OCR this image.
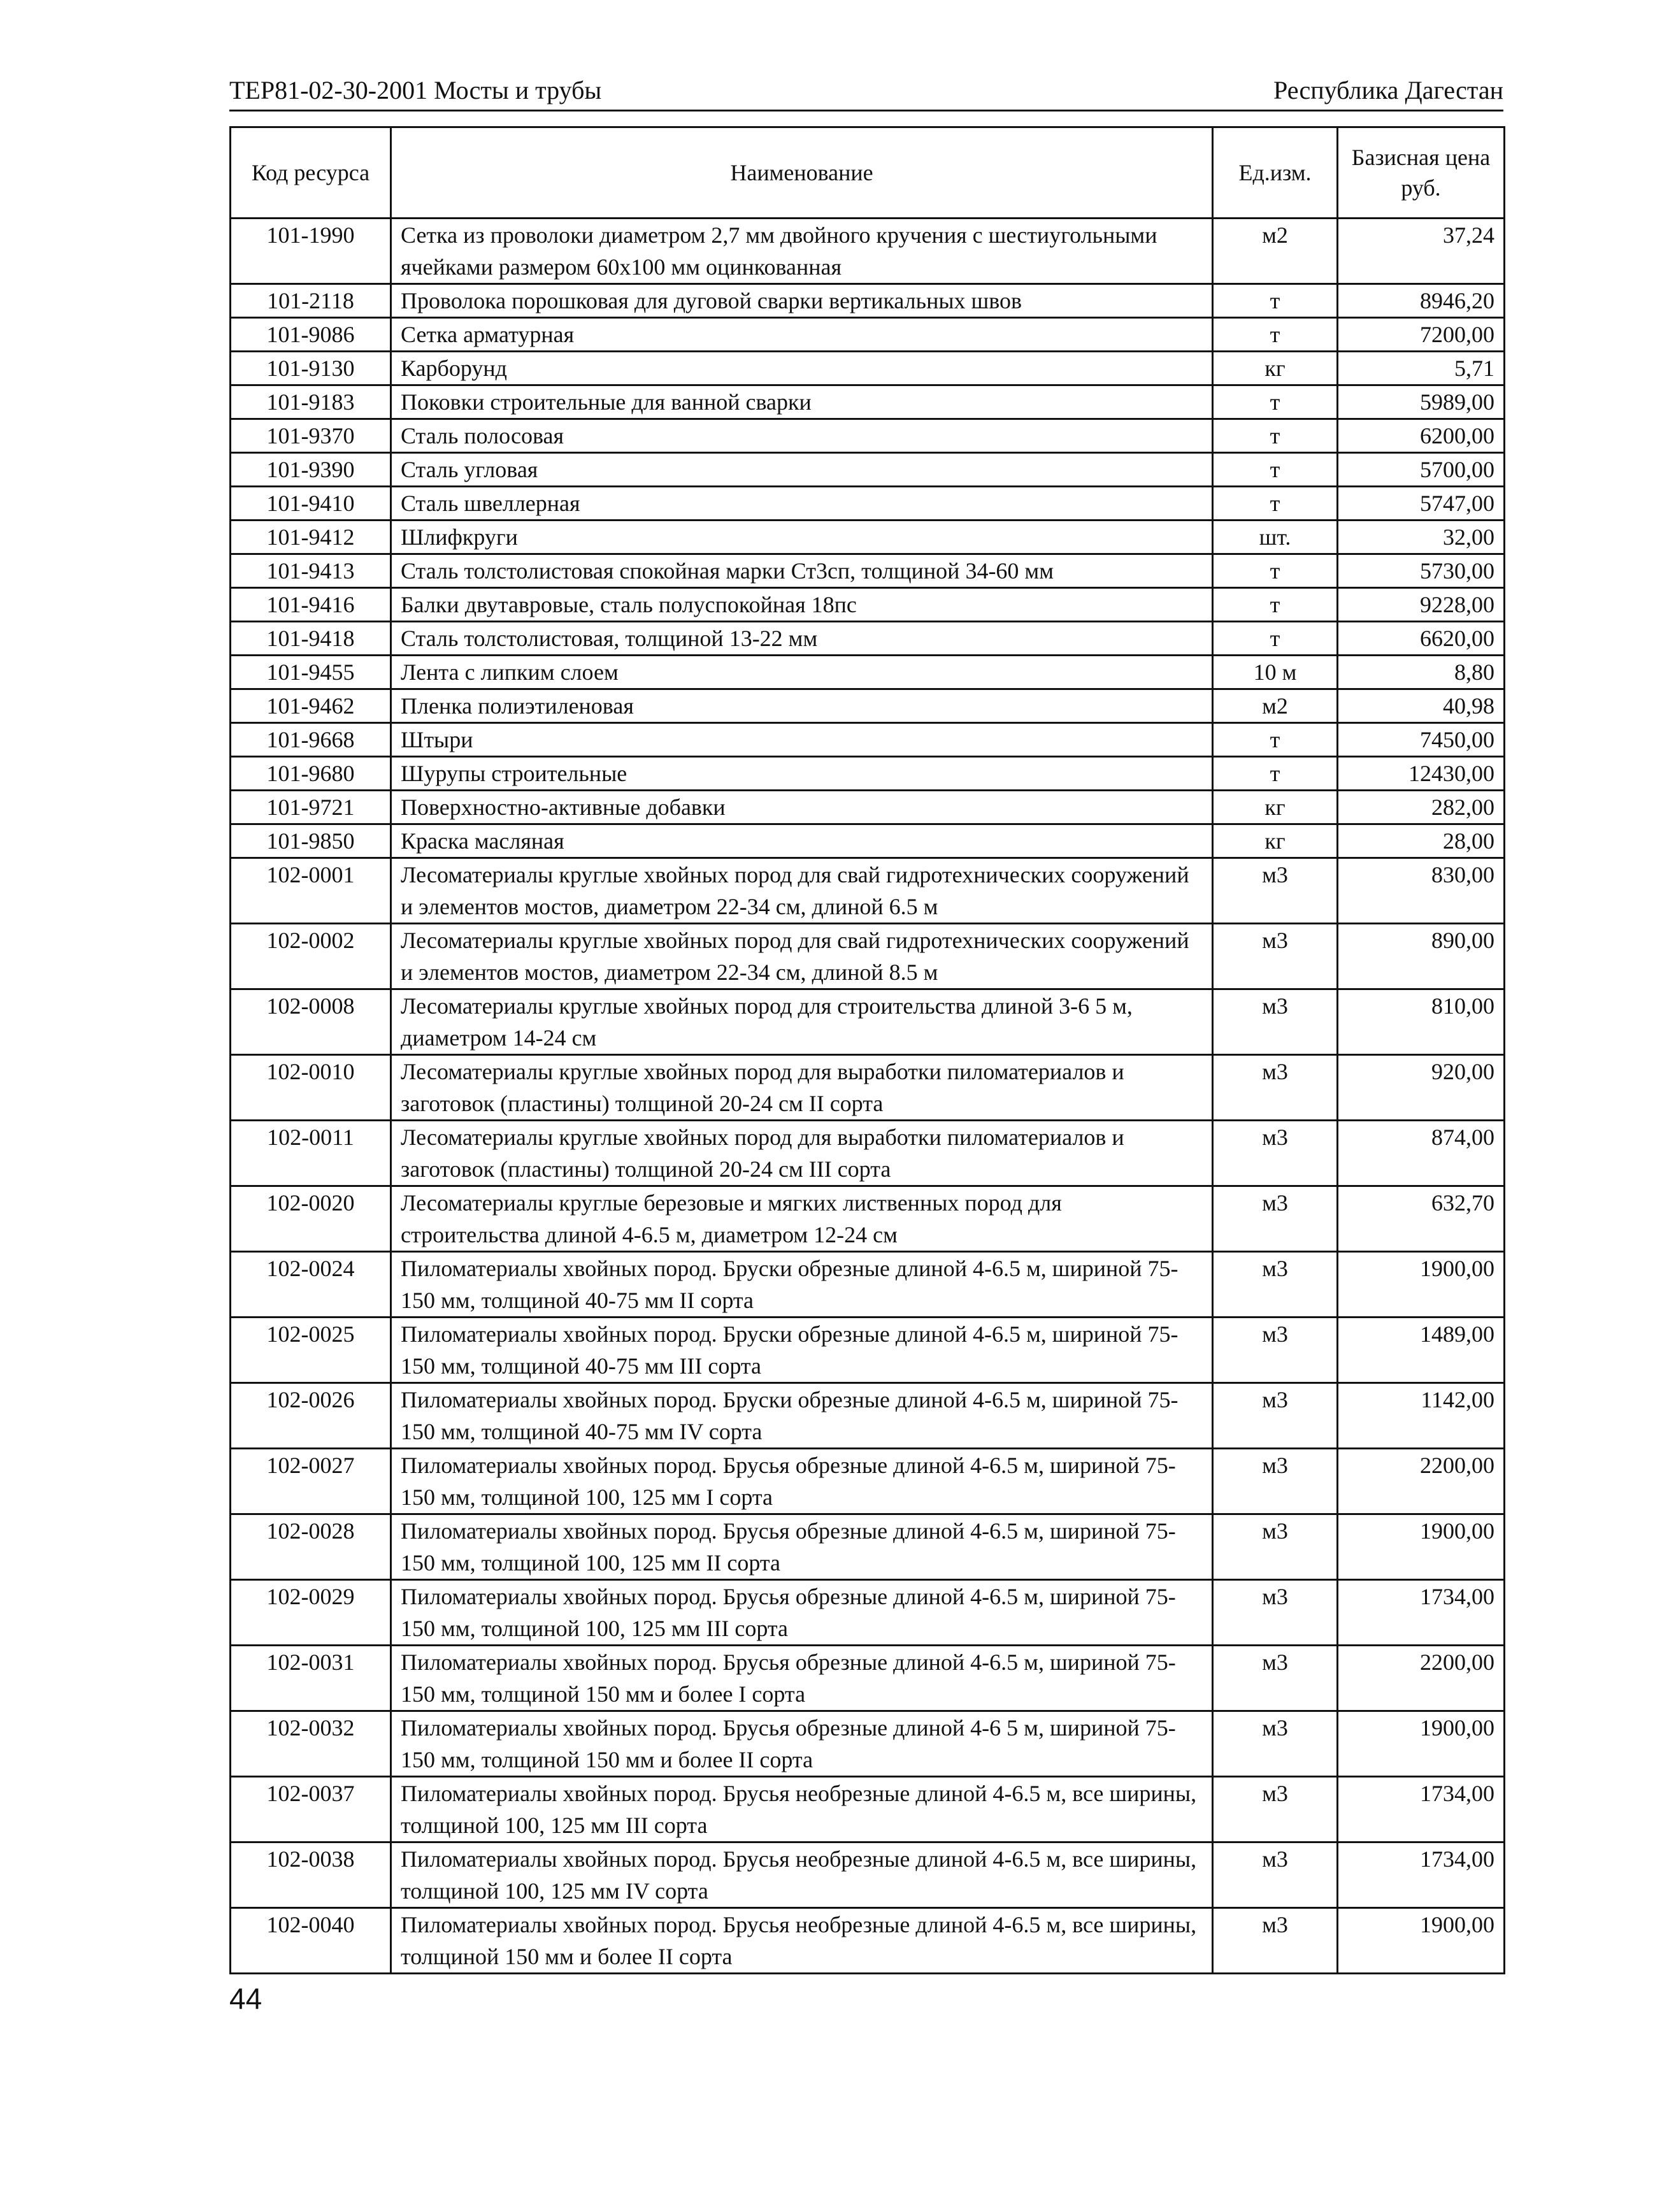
ТЕР81-02-30-2001 Мосты и трубы	Республика Дагестан
Код ресурса	Наименование	Ед.изм.	Базисная цена
руб.

101-1990	Сетка из проволоки диаметром 2,7 мм двойного кручения с шестиугольными ячейками размером 60х100 мм оцинкованная	м2	37,24
101-2118	Проволока порошковая для дуговой сварки вертикальных швов	т	8946,20
101-9086	Сетка арматурная	т	7200,00
101-9130	Карборунд	кг	5,71
101-9183	Поковки строительные для ванной сварки	т	5989,00
101-9370	Сталь полосовая	т	6200,00
101-9390	Сталь угловая	т	5700,00
101-9410	Сталь швеллерная	т	5747,00
101-9412	Шлифкруги	шт.	32,00
101-9413	Сталь толстолистовая спокойная марки Ст3сп, толщиной 34-60 мм	т	5730,00
101-9416	Балки двутавровые, сталь полуспокойная 18пс	т	9228,00
101-9418	Сталь толстолистовая, толщиной 13-22 мм	т	6620,00
101-9455	Лента с липким слоем	10 м	8,80
101-9462	Пленка полиэтиленовая	м2	40,98
101-9668	Штыри	т	7450,00
101-9680	Шурупы строительные	т	12430,00
101-9721	Поверхностно-активные добавки	кг	282,00
101-9850	Краска масляная	кг	28,00
102-0001	Лесоматериалы круглые хвойных пород для свай гидротехнических сооружений и элементов мостов, диаметром 22-34 см, длиной 6.5 м	м3	830,00
102-0002	Лесоматериалы круглые хвойных пород для свай гидротехнических сооружений и элементов мостов, диаметром 22-34 см, длиной 8.5 м	м3	890,00
102-0008	Лесоматериалы круглые хвойных пород для строительства длиной 3-6 5 м, диаметром 14-24 см	м3	810,00
102-0010	Лесоматериалы круглые хвойных пород для выработки пиломатериалов и заготовок (пластины) толщиной 20-24 см II сорта	м3	920,00
102-0011	Лесоматериалы круглые хвойных пород для выработки пиломатериалов и заготовок (пластины) толщиной 20-24 см III сорта	м3	874,00
102-0020	Лесоматериалы круглые березовые и мягких лиственных пород для строительства длиной 4-6.5 м, диаметром 12-24 см	м3	632,70
102-0024	Пиломатериалы хвойных пород. Бруски обрезные длиной 4-6.5 м, шириной 75-150 мм, толщиной 40-75 мм II сорта	м3	1900,00
102-0025	Пиломатериалы хвойных пород. Бруски обрезные длиной 4-6.5 м, шириной 75-150 мм, толщиной 40-75 мм III сорта	м3	1489,00
102-0026	Пиломатериалы хвойных пород. Бруски обрезные длиной 4-6.5 м, шириной 75-150 мм, толщиной 40-75 мм IV сорта	м3	1142,00
102-0027	Пиломатериалы хвойных пород. Брусья обрезные длиной 4-6.5 м, шириной 75-150 мм, толщиной 100, 125 мм I сорта	м3	2200,00
102-0028	Пиломатериалы хвойных пород. Брусья обрезные длиной 4-6.5 м, шириной 75-150 мм, толщиной 100, 125 мм II сорта	м3	1900,00
102-0029	Пиломатериалы хвойных пород. Брусья обрезные длиной 4-6.5 м, шириной 75-150 мм, толщиной 100, 125 мм III сорта	м3	1734,00
102-0031	Пиломатериалы хвойных пород. Брусья обрезные длиной 4-6.5 м, шириной 75-150 мм, толщиной 150 мм и более I сорта	м3	2200,00
102-0032	Пиломатериалы хвойных пород. Брусья обрезные длиной 4-6 5 м, шириной 75-150 мм, толщиной 150 мм и более II сорта	м3	1900,00
102-0037	Пиломатериалы хвойных пород. Брусья необрезные длиной 4-6.5 м, все ширины, толщиной 100, 125 мм III сорта	м3	1734,00
102-0038	Пиломатериалы хвойных пород. Брусья необрезные длиной 4-6.5 м, все ширины, толщиной 100, 125 мм IV сорта	м3	1734,00
102-0040	Пиломатериалы хвойных пород. Брусья необрезные длиной 4-6.5 м, все ширины, толщиной 150 мм и более II сорта	м3	1900,00
44
